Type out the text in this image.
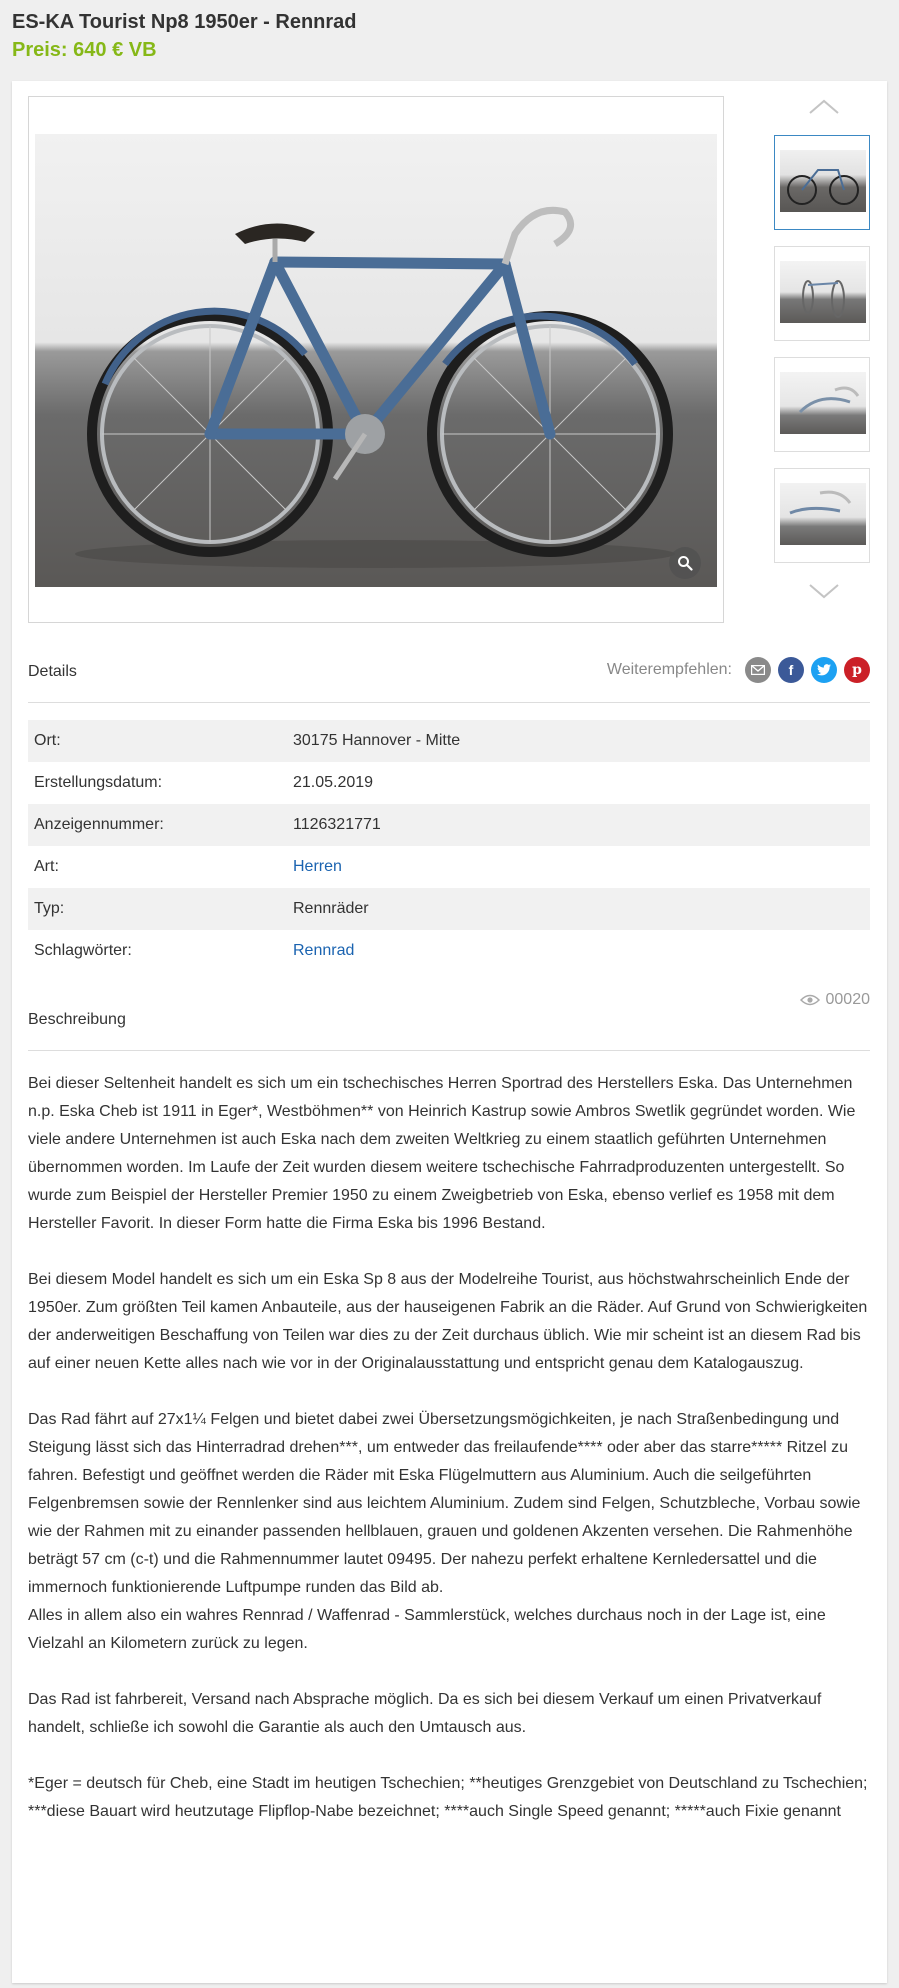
ES-KA Tourist Np8 1950er - Rennrad
Preis: 640 € VB
Details	Weiterempfehlen:	f	p
Ort:	30175 Hannover - Mitte
Erstellungsdatum:	21.05.2019
Anzeigennummer:	1126321771
Art:	Herren
Typ:	Rennräder
Schlagwörter:	Rennrad
Beschreibung
00020

Bei dieser Seltenheit handelt es sich um ein tschechisches Herren Sportrad des Herstellers Eska. Das Unternehmen n.p. Eska Cheb ist 1911 in Eger*, Westböhmen** von Heinrich Kastrup sowie Ambros Swetlik gegründet worden. Wie viele andere Unternehmen ist auch Eska nach dem zweiten Weltkrieg zu einem staatlich geführten Unternehmen übernommen worden. Im Laufe der Zeit wurden diesem weitere tschechische Fahrradproduzenten untergestellt. So wurde zum Beispiel der Hersteller Premier 1950 zu einem Zweigbetrieb von Eska, ebenso verlief es 1958 mit dem Hersteller Favorit. In dieser Form hatte die Firma Eska bis 1996 Bestand.

Bei diesem Model handelt es sich um ein Eska Sp 8 aus der Modelreihe Tourist, aus höchstwahrscheinlich Ende der 1950er. Zum größten Teil kamen Anbauteile, aus der hauseigenen Fabrik an die Räder. Auf Grund von Schwierigkeiten der anderweitigen Beschaffung von Teilen war dies zu der Zeit durchaus üblich. Wie mir scheint ist an diesem Rad bis auf einer neuen Kette alles nach wie vor in der Originalausstattung und entspricht genau dem Katalogauszug.

Das Rad fährt auf 27x1¼ Felgen und bietet dabei zwei Übersetzungsmögichkeiten, je nach Straßenbedingung und Steigung lässt sich das Hinterradrad drehen***, um entweder das freilaufende**** oder aber das starre***** Ritzel zu fahren. Befestigt und geöffnet werden die Räder mit Eska Flügelmuttern aus Aluminium. Auch die seilgeführten Felgenbremsen sowie der Rennlenker sind aus leichtem Aluminium. Zudem sind Felgen, Schutzbleche, Vorbau sowie wie der Rahmen mit zu einander passenden hellblauen, grauen und goldenen Akzenten versehen. Die Rahmenhöhe beträgt 57 cm (c-t) und die Rahmennummer lautet 09495. Der nahezu perfekt erhaltene Kernledersattel und die immernoch funktionierende Luftpumpe runden das Bild ab.

Alles in allem also ein wahres Rennrad / Waffenrad - Sammlerstück, welches durchaus noch in der Lage ist, eine Vielzahl an Kilometern zurück zu legen.

Das Rad ist fahrbereit, Versand nach Absprache möglich. Da es sich bei diesem Verkauf um einen Privatverkauf handelt, schließe ich sowohl die Garantie als auch den Umtausch aus.

*Eger = deutsch für Cheb, eine Stadt im heutigen Tschechien; **heutiges Grenzgebiet von Deutschland zu Tschechien; ***diese Bauart wird heutzutage Flipflop-Nabe bezeichnet; ****auch Single Speed genannt; *****auch Fixie genannt
